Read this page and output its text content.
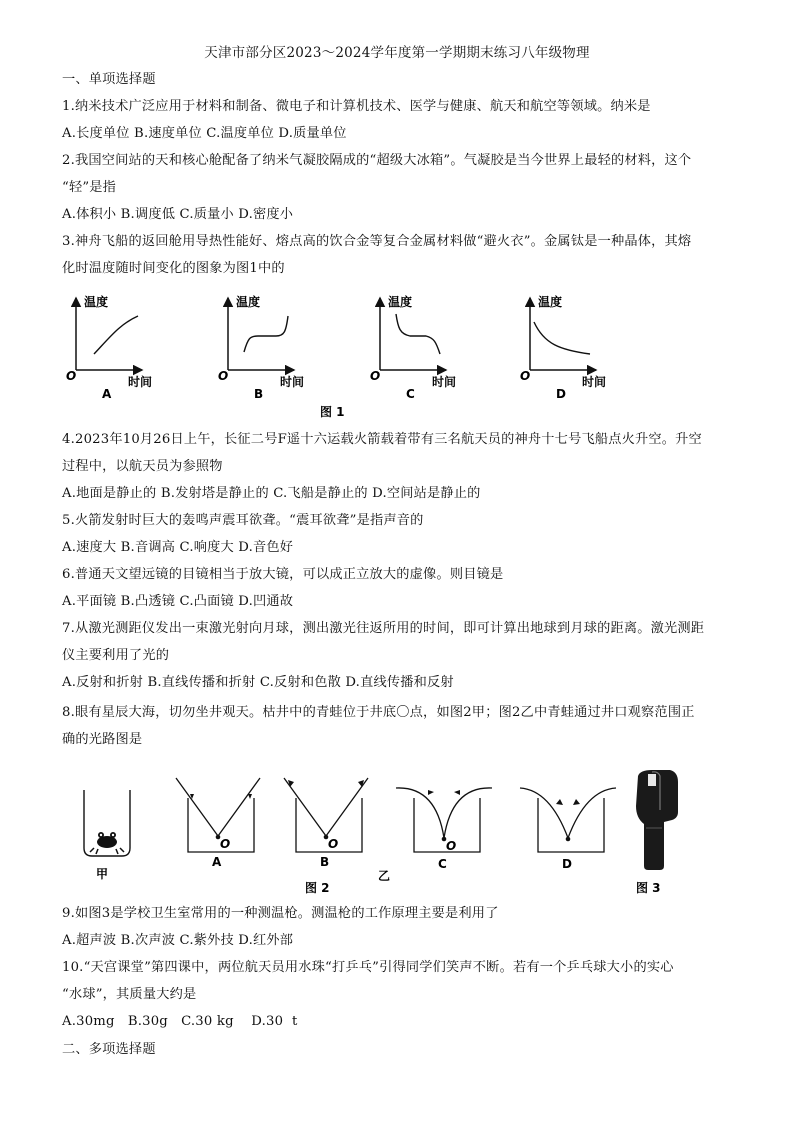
天津市部分区2023～2024学年度第一学期期末练习八年级物理
一、单项选择题
1.纳米技术广泛应用于材料和制备、微电子和计算机技术、医学与健康、航天和航空等领域。纳米是
A.长度单位 B.速度单位 C.温度单位 D.质量单位
2.我国空间站的天和核心舱配备了纳米气凝胶隔成的“超级大冰箱”。气凝胶是当今世界上最轻的材料，这个
“轻”是指
A.体积小 B.调度低 C.质量小 D.密度小
3.神舟飞船的返回舱用导热性能好、熔点高的饮合金等复合金属材料做“避火衣”。金属钛是一种晶体，其熔
化时温度随时间变化的图象为图1中的
温度
时间
O
A
温度
时间
O
B
温度
时间
O
C
温度
时间
O
D
图 1
4.2023年10月26日上午，长征二号F遥十六运载火箭载着带有三名航天员的神舟十七号飞船点火升空。升空
过程中，以航天员为参照物
A.地面是静止的 B.发射塔是静止的 C.飞船是静止的 D.空间站是静止的
5.火箭发射时巨大的轰鸣声震耳欲聋。“震耳欲聋”是指声音的
A.速度大 B.音调高 C.响度大 D.音色好
6.普通天文望远镜的目镜相当于放大镜，可以成正立放大的虚像。则目镜是
A.平面镜 B.凸透镜 C.凸面镜 D.凹通故
7.从激光测距仪发出一束激光射向月球，测出激光往返所用的时间，即可计算出地球到月球的距离。激光测距
仪主要利用了光的
A.反射和折射 B.直线传播和折射 C.反射和色散 D.直线传播和反射
8.眼有星辰大海，切勿坐井观天。枯井中的青蛙位于井底〇点，如图2甲；图2乙中青蛙通过井口观察范围正
确的光路图是
甲
O
A
O
B
乙
O
C	D
图 2	图 3
9.如图3是学校卫生室常用的一种测温枪。测温枪的工作原理主要是利用了
A.超声波 B.次声波 C.紫外技 D.红外部
10.“天宫课堂”第四课中，两位航天员用水珠“打乒乓”引得同学们笑声不断。若有一个乒乓球大小的实心
“水球”，其质量大约是
A.30mg   B.30g   C.30 kg    D.30  t
二、多项选择题
